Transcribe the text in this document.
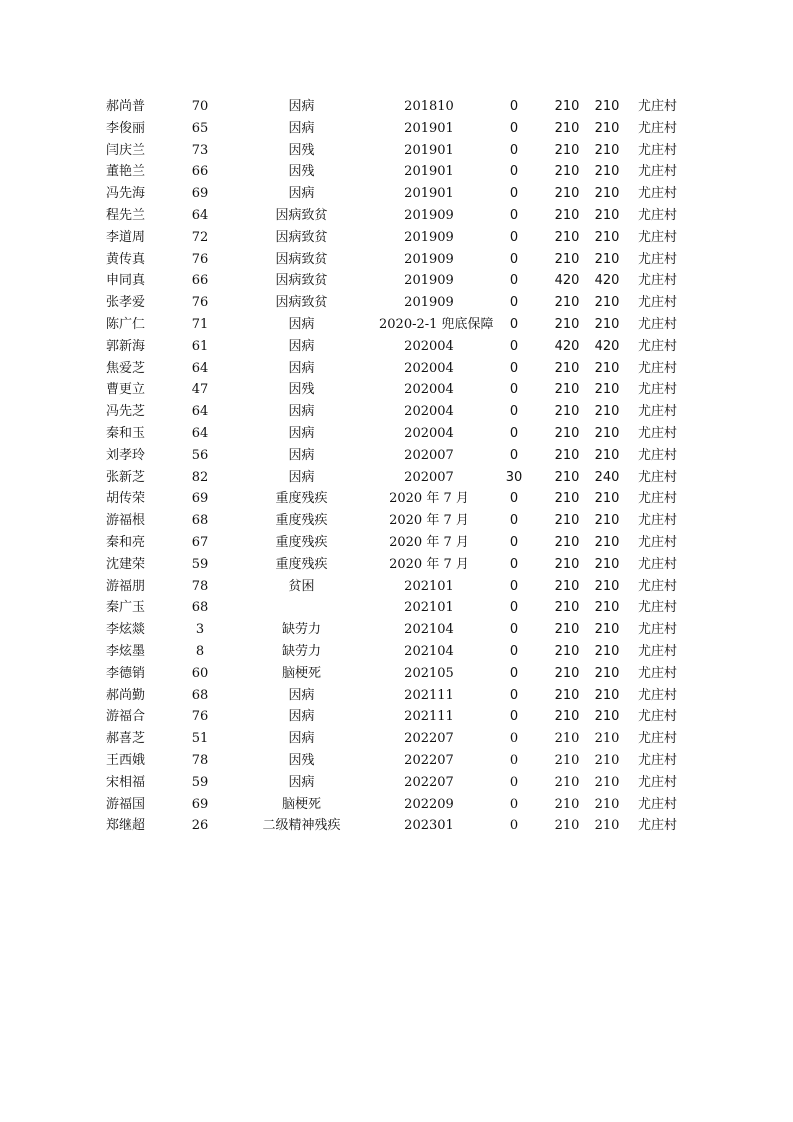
郝尚普	70	因病	201810	0	210	210	尤庄村
李俊丽	65	因病	201901	0	210	210	尤庄村
闫庆兰	73	因残	201901	0	210	210	尤庄村
董艳兰	66	因残	201901	0	210	210	尤庄村
冯先海	69	因病	201901	0	210	210	尤庄村
程先兰	64	因病致贫	201909	0	210	210	尤庄村
李道周	72	因病致贫	201909	0	210	210	尤庄村
黄传真	76	因病致贫	201909	0	210	210	尤庄村
申同真	66	因病致贫	201909	0	420	420	尤庄村
张孝爱	76	因病致贫	201909	0	210	210	尤庄村
陈广仁	71	因病	2020-2-1 兜底保障	0	210	210	尤庄村
郭新海	61	因病	202004	0	420	420	尤庄村
焦爱芝	64	因病	202004	0	210	210	尤庄村
曹更立	47	因残	202004	0	210	210	尤庄村
冯先芝	64	因病	202004	0	210	210	尤庄村
秦和玉	64	因病	202004	0	210	210	尤庄村
刘孝玲	56	因病	202007	0	210	210	尤庄村
张新芝	82	因病	202007	30	210	240	尤庄村
胡传荣	69	重度残疾	2020 年 7 月	0	210	210	尤庄村
游福根	68	重度残疾	2020 年 7 月	0	210	210	尤庄村
秦和亮	67	重度残疾	2020 年 7 月	0	210	210	尤庄村
沈建荣	59	重度残疾	2020 年 7 月	0	210	210	尤庄村
游福朋	78	贫困	202101	0	210	210	尤庄村
秦广玉	68		202101	0	210	210	尤庄村
李炫燚	3	缺劳力	202104	0	210	210	尤庄村
李炫墨	8	缺劳力	202104	0	210	210	尤庄村
李德销	60	脑梗死	202105	0	210	210	尤庄村
郝尚勤	68	因病	202111	0	210	210	尤庄村
游福合	76	因病	202111	0	210	210	尤庄村
郝喜芝	51	因病	202207	0	210	210	尤庄村
王西娥	78	因残	202207	0	210	210	尤庄村
宋相福	59	因病	202207	0	210	210	尤庄村
游福国	69	脑梗死	202209	0	210	210	尤庄村
郑继超	26	二级精神残疾	202301	0	210	210	尤庄村
